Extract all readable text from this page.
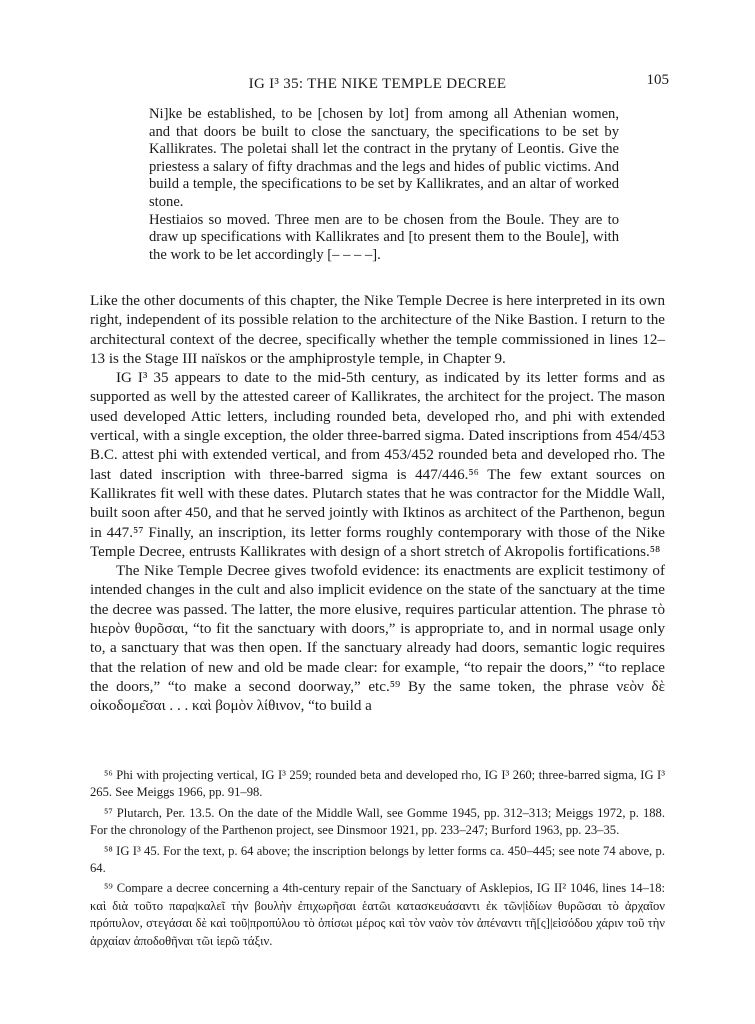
IG I³ 35: THE NIKE TEMPLE DECREE	105

Ni]ke be established, to be [chosen by lot] from among all Athenian women, and that doors be built to close the sanctuary, the specifications to be set by Kallikrates. The poletai shall let the contract in the prytany of Leontis. Give the priestess a salary of fifty drachmas and the legs and hides of public victims. And build a temple, the specifications to be set by Kallikrates, and an altar of worked stone.

Hestiaios so moved. Three men are to be chosen from the Boule. They are to draw up specifications with Kallikrates and [to present them to the Boule], with the work to be let accordingly [– – – –].

Like the other documents of this chapter, the Nike Temple Decree is here interpreted in its own right, independent of its possible relation to the architecture of the Nike Bastion. I return to the architectural context of the decree, specifically whether the temple commissioned in lines 12–13 is the Stage III naïskos or the amphiprostyle temple, in Chapter 9.

IG I³ 35 appears to date to the mid-5th century, as indicated by its letter forms and as supported as well by the attested career of Kallikrates, the architect for the project. The mason used developed Attic letters, including rounded beta, developed rho, and phi with extended vertical, with a single exception, the older three-barred sigma. Dated inscriptions from 454/453 B.C. attest phi with extended vertical, and from 453/452 rounded beta and developed rho. The last dated inscription with three-barred sigma is 447/446.⁵⁶ The few extant sources on Kallikrates fit well with these dates. Plutarch states that he was contractor for the Middle Wall, built soon after 450, and that he served jointly with Iktinos as architect of the Parthenon, begun in 447.⁵⁷ Finally, an inscription, its letter forms roughly contemporary with those of the Nike Temple Decree, entrusts Kallikrates with design of a short stretch of Akropolis fortifications.⁵⁸

The Nike Temple Decree gives twofold evidence: its enactments are explicit testimony of intended changes in the cult and also implicit evidence on the state of the sanctuary at the time the decree was passed. The latter, the more elusive, requires particular attention. The phrase τὸ hιερὸν θυρõσαι, “to fit the sanctuary with doors,” is appropriate to, and in normal usage only to, a sanctuary that was then open. If the sanctuary already had doors, semantic logic requires that the relation of new and old be made clear: for example, “to repair the doors,” “to replace the doors,” “to make a second doorway,” etc.⁵⁹ By the same token, the phrase νεὸν δὲ οἰκοδομε͂σαι . . . καὶ βομὸν λίθινον, “to build a

⁵⁶ Phi with projecting vertical, IG I³ 259; rounded beta and developed rho, IG I³ 260; three-barred sigma, IG I³ 265. See Meiggs 1966, pp. 91–98.

⁵⁷ Plutarch, Per. 13.5. On the date of the Middle Wall, see Gomme 1945, pp. 312–313; Meiggs 1972, p. 188. For the chronology of the Parthenon project, see Dinsmoor 1921, pp. 233–247; Burford 1963, pp. 23–35.

⁵⁸ IG I³ 45. For the text, p. 64 above; the inscription belongs by letter forms ca. 450–445; see note 74 above, p. 64.

⁵⁹ Compare a decree concerning a 4th-century repair of the Sanctuary of Asklepios, IG II² 1046, lines 14–18: καὶ διὰ τοῦτο παρα|καλεῖ τὴν βουλὴν ἐπιχωρῆσαι ἑατῶι κατασκευάσαντι ἐκ τῶν|ἰδίων θυρῶσαι τὸ ἀρχαῖον πρόπυλον, στεγάσαι δὲ καὶ τοῦ|προπύλου τὸ ὀπίσωι μέρος καὶ τὸν ναὸν τὸν ἀπέναντι τῆ[ς]|εἰσόδου χάριν τοῦ τὴν ἀρχαίαν ἀποδοθῆναι τῶι ἱερῶ τάξιν.
